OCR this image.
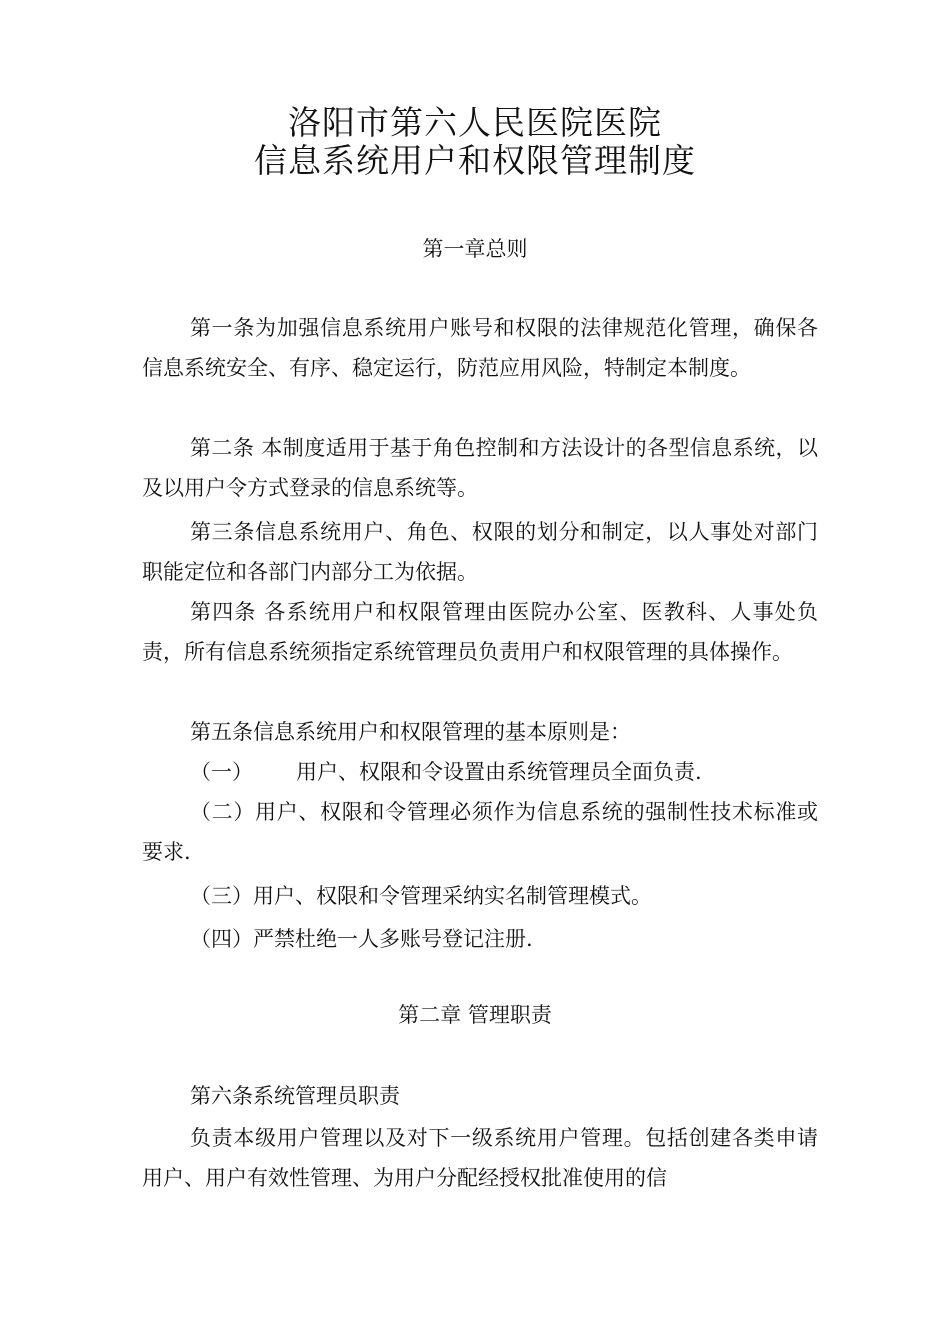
洛阳市第六人民医院医院
信息系统用户和权限管理制度
第一章总则
第一条为加强信息系统用户账号和权限的法律规范化管理，确保各信息系统安全、有序、稳定运行，防范应用风险，特制定本制度。
第二条 本制度适用于基于角色控制和方法设计的各型信息系统，以及以用户令方式登录的信息系统等。
第三条信息系统用户、角色、权限的划分和制定，以人事处对部门职能定位和各部门内部分工为依据。
第四条 各系统用户和权限管理由医院办公室、医教科、人事处负责，所有信息系统须指定系统管理员负责用户和权限管理的具体操作。
第五条信息系统用户和权限管理的基本原则是：
（一） 用户、权限和令设置由系统管理员全面负责.
（二）用户、权限和令管理必须作为信息系统的强制性技术标准或要求.
（三）用户、权限和令管理采纳实名制管理模式。
（四）严禁杜绝一人多账号登记注册.
第二章 管理职责
第六条系统管理员职责
负责本级用户管理以及对下一级系统用户管理。包括创建各类申请用户、用户有效性管理、为用户分配经授权批准使用的信
